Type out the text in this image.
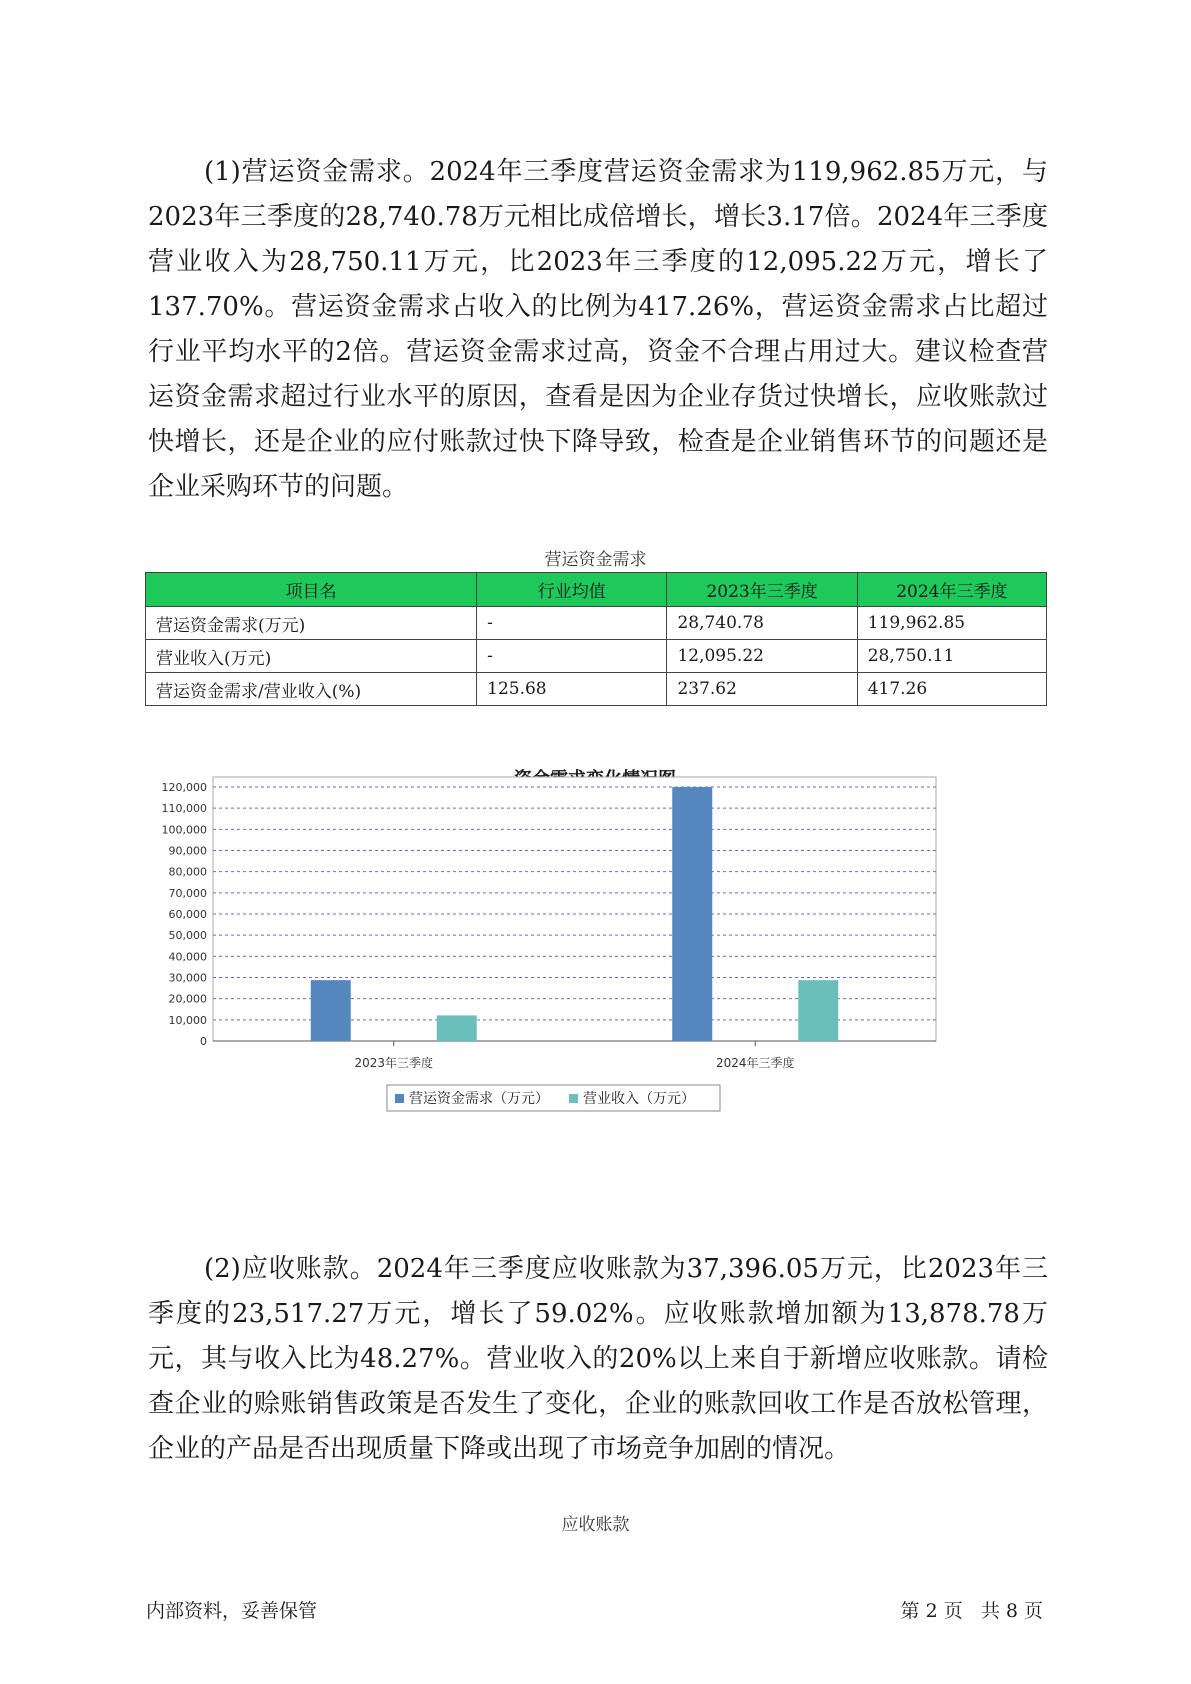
(1)营运资金需求。2024年三季度营运资金需求为119,962.85万元，与2023年三季度的28,740.78万元相比成倍增长，增长3.17倍。2024年三季度营业收入为28,750.11万元，比2023年三季度的12,095.22万元，增长了137.70%。营运资金需求占收入的比例为417.26%，营运资金需求占比超过行业平均水平的2倍。营运资金需求过高，资金不合理占用过大。建议检查营运资金需求超过行业水平的原因，查看是因为企业存货过快增长，应收账款过快增长，还是企业的应付账款过快下降导致，检查是企业销售环节的问题还是企业采购环节的问题。

营运资金需求
项目名	行业均值	2023年三季度	2024年三季度
营运资金需求(万元)	-	28,740.78	119,962.85
营业收入(万元)	-	12,095.22	28,750.11
营运资金需求/营业收入(%)	125.68	237.62	417.26
0
10,000
20,000
30,000
40,000
50,000
60,000
70,000
80,000
90,000
100,000
110,000
120,000
2023年三季度	2024年三季度
营运资金需求（万元） 营业收入（万元）

(2)应收账款。2024年三季度应收账款为37,396.05万元，比2023年三季度的23,517.27万元，增长了59.02%。应收账款增加额为13,878.78万元，其与收入比为48.27%。营业收入的20%以上来自于新增应收账款。请检查企业的赊账销售政策是否发生了变化，企业的账款回收工作是否放松管理，企业的产品是否出现质量下降或出现了市场竞争加剧的情况。

应收账款
内部资料，妥善保管	第 2 页   共 8 页
